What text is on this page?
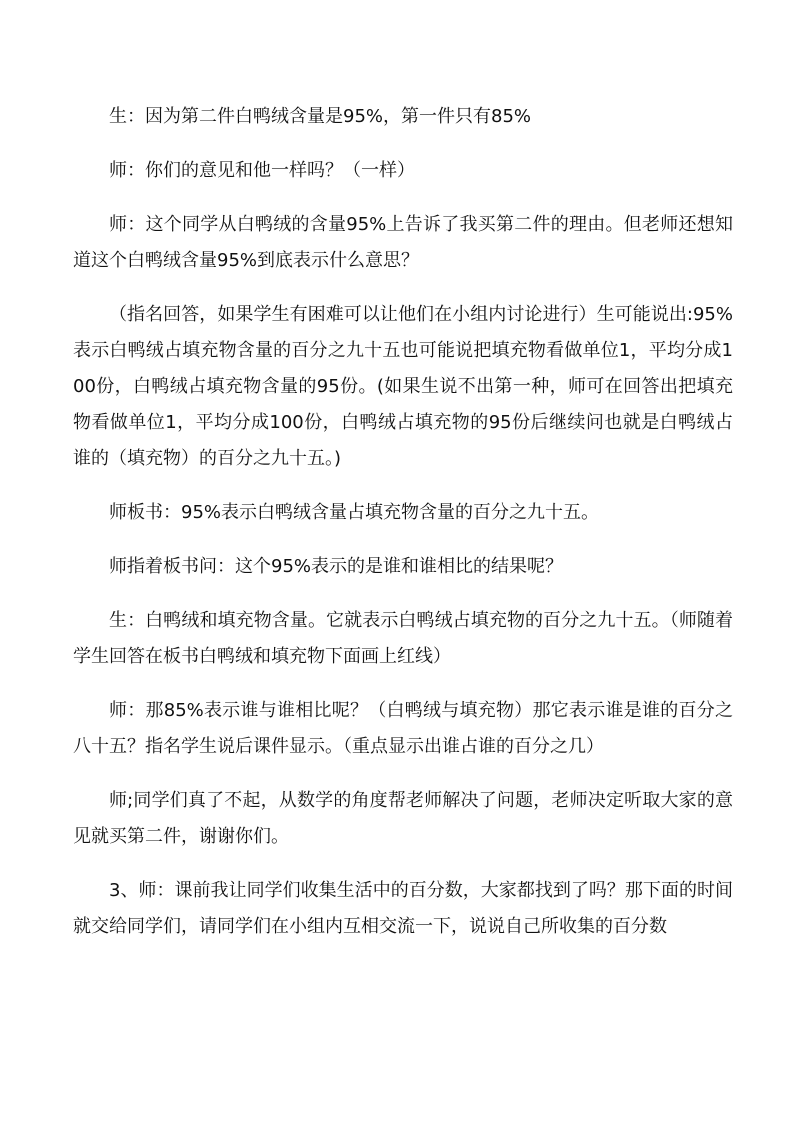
生：因为第二件白鸭绒含量是95%，第一件只有85%

师：你们的意见和他一样吗？（一样）

师：这个同学从白鸭绒的含量95%上告诉了我买第二件的理由。但老师还想知道这个白鸭绒含量95%到底表示什么意思？

（指名回答，如果学生有困难可以让他们在小组内讨论进行）生可能说出:95%表示白鸭绒占填充物含量的百分之九十五也可能说把填充物看做单位1，平均分成100份，白鸭绒占填充物含量的95份。(如果生说不出第一种，师可在回答出把填充物看做单位1，平均分成100份，白鸭绒占填充物的95份后继续问也就是白鸭绒占谁的（填充物）的百分之九十五。)

师板书：95%表示白鸭绒含量占填充物含量的百分之九十五。

师指着板书问：这个95%表示的是谁和谁相比的结果呢？

生：白鸭绒和填充物含量。它就表示白鸭绒占填充物的百分之九十五。（师随着学生回答在板书白鸭绒和填充物下面画上红线）

师：那85%表示谁与谁相比呢？（白鸭绒与填充物）那它表示谁是谁的百分之八十五？指名学生说后课件显示。（重点显示出谁占谁的百分之几）

师;同学们真了不起，从数学的角度帮老师解决了问题，老师决定听取大家的意见就买第二件，谢谢你们。

3、师：课前我让同学们收集生活中的百分数，大家都找到了吗？那下面的时间就交给同学们，请同学们在小组内互相交流一下，说说自己所收集的百分数
